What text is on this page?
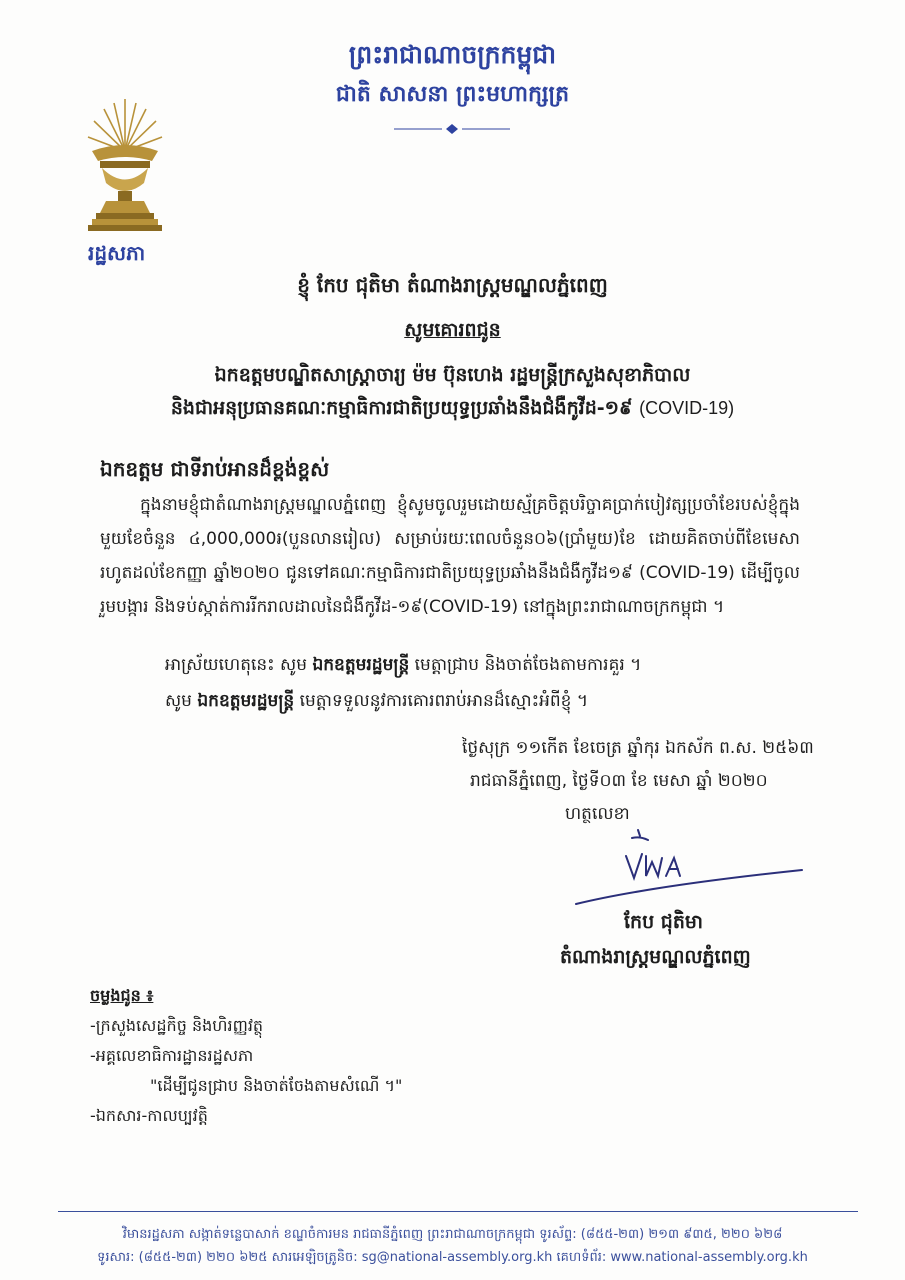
ព្រះរាជាណាចក្រកម្ពុជា
ជាតិ សាសនា ព្រះមហាក្សត្រ
រដ្ឋសភា
ខ្ញុំ កែប ជុតិមា តំណាងរាស្ត្រមណ្ឌលភ្នំពេញ
សូមគោរពជូន
ឯកឧត្តមបណ្ឌិតសាស្ត្រាចារ្យ ម៉ម ប៊ុនហេង រដ្ឋមន្ត្រីក្រសួងសុខាភិបាល
និងជាអនុប្រធានគណៈកម្មាធិការជាតិប្រយុទ្ធប្រឆាំងនឹងជំងឺកូវីដ-១៩ (COVID-19)
ឯកឧត្តម ជាទីរាប់អានដ៏ខ្ពង់ខ្ពស់
ក្នុងនាមខ្ញុំជាតំណាងរាស្ត្រមណ្ឌលភ្នំពេញ ខ្ញុំសូមចូលរួមដោយស្ម័គ្រចិត្តបរិច្ចាគប្រាក់បៀវត្សប្រចាំខែរបស់ខ្ញុំក្នុងមួយខែចំនួន ៤,000,000៛(បួនលានរៀល) សម្រាប់រយៈពេលចំនួន០៦(ប្រាំមួយ)ខែ ដោយគិតចាប់ពីខែមេសា រហូតដល់ខែកញ្ញា ឆ្នាំ២០២០ ជូនទៅគណៈកម្មាធិការជាតិប្រយុទ្ធប្រឆាំងនឹងជំងឺកូវីដ១៩ (COVID-19) ដើម្បីចូលរួមបង្ការ និងទប់ស្កាត់ការរីករាលដាលនៃជំងឺកូវីដ-១៩(COVID-19) នៅក្នុងព្រះរាជាណាចក្រកម្ពុជា ។
អាស្រ័យហេតុនេះ សូម ឯកឧត្តមរដ្ឋមន្ត្រី មេត្តាជ្រាប និងចាត់ចែងតាមការគួរ ។
សូម ឯកឧត្តមរដ្ឋមន្ត្រី មេត្តាទទួលនូវការគោរពរាប់អានដ៏ស្មោះអំពីខ្ញុំ ។
ថ្ងៃសុក្រ ១១កើត ខែចេត្រ ឆ្នាំកុរ ឯកស័ក ព.ស. ២៥៦៣
រាជធានីភ្នំពេញ, ថ្ងៃទី០៣ ខែ មេសា ឆ្នាំ ២០២០
ហត្ថលេខា
កែប ជុតិមា
តំណាងរាស្ត្រមណ្ឌលភ្នំពេញ
ចម្លងជូន ៖
-ក្រសួងសេដ្ឋកិច្ច និងហិរញ្ញវត្ថុ
-អគ្គលេខាធិការដ្ឋានរដ្ឋសភា
"ដើម្បីជូនជ្រាប និងចាត់ចែងតាមសំណើ ។"
-ឯកសារ-កាលប្បវត្តិ
វិមានរដ្ឋសភា សង្កាត់ទន្លេបាសាក់ ខណ្ឌចំការមន រាជធានីភ្នំពេញ ព្រះរាជាណាចក្រកម្ពុជា ទូរស័ព្ទ: (៨៥៥-២៣) ២១៣ ៩៣៥, ២២០ ៦២៨
ទូរសារ: (៨៥៥-២៣) ២២០ ៦២៥ សារអេឡិចត្រូនិច: sg@national-assembly.org.kh គេហទំព័រ: www.national-assembly.org.kh
